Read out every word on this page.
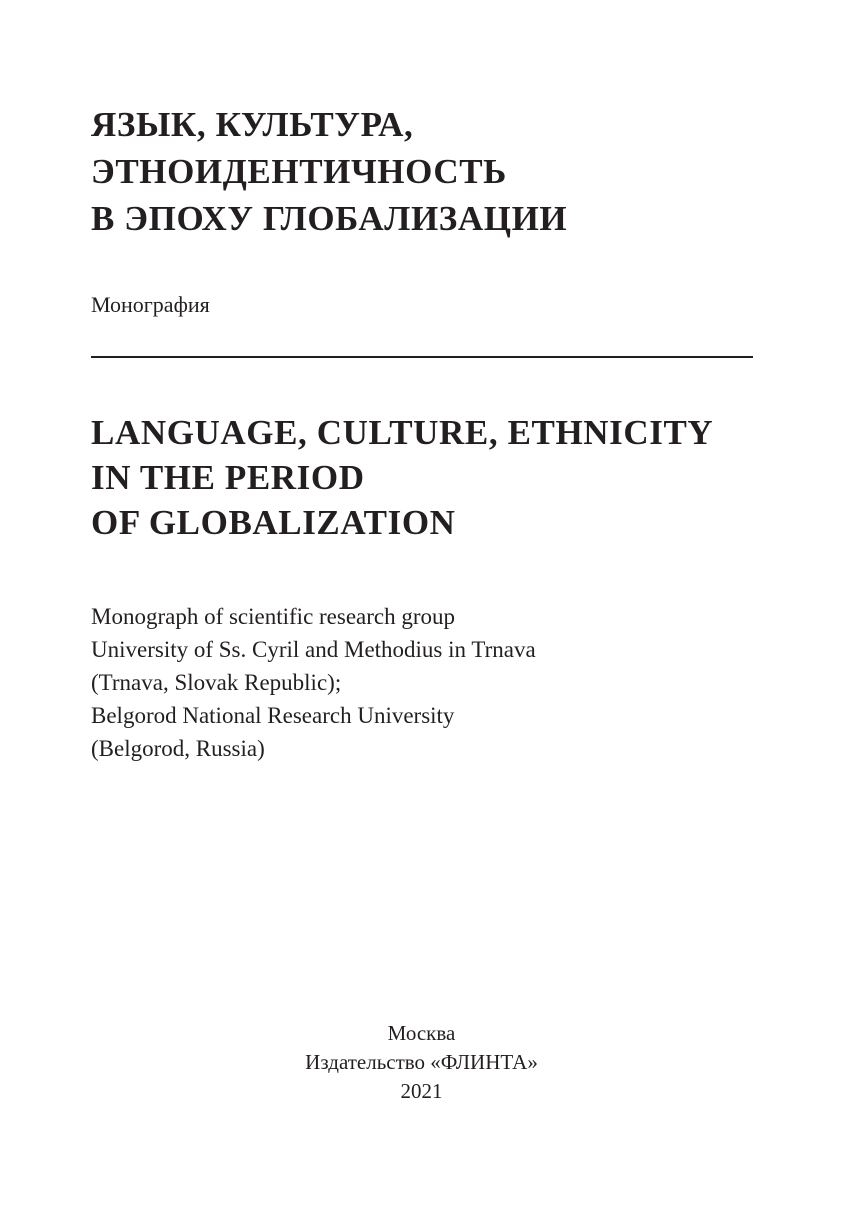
ЯЗЫК, КУЛЬТУРА,
ЭТНОИДЕНТИЧНОСТЬ
В ЭПОХУ ГЛОБАЛИЗАЦИИ
Монография
LANGUAGE, CULTURE, ETHNICITY
IN THE PERIOD
OF GLOBALIZATION
Monograph of scientific research group
University of Ss. Cyril and Methodius in Trnava
(Trnava, Slovak Republic);
Belgorod National Research University
(Belgorod, Russia)
Москва
Издательство «ФЛИНТА»
2021
